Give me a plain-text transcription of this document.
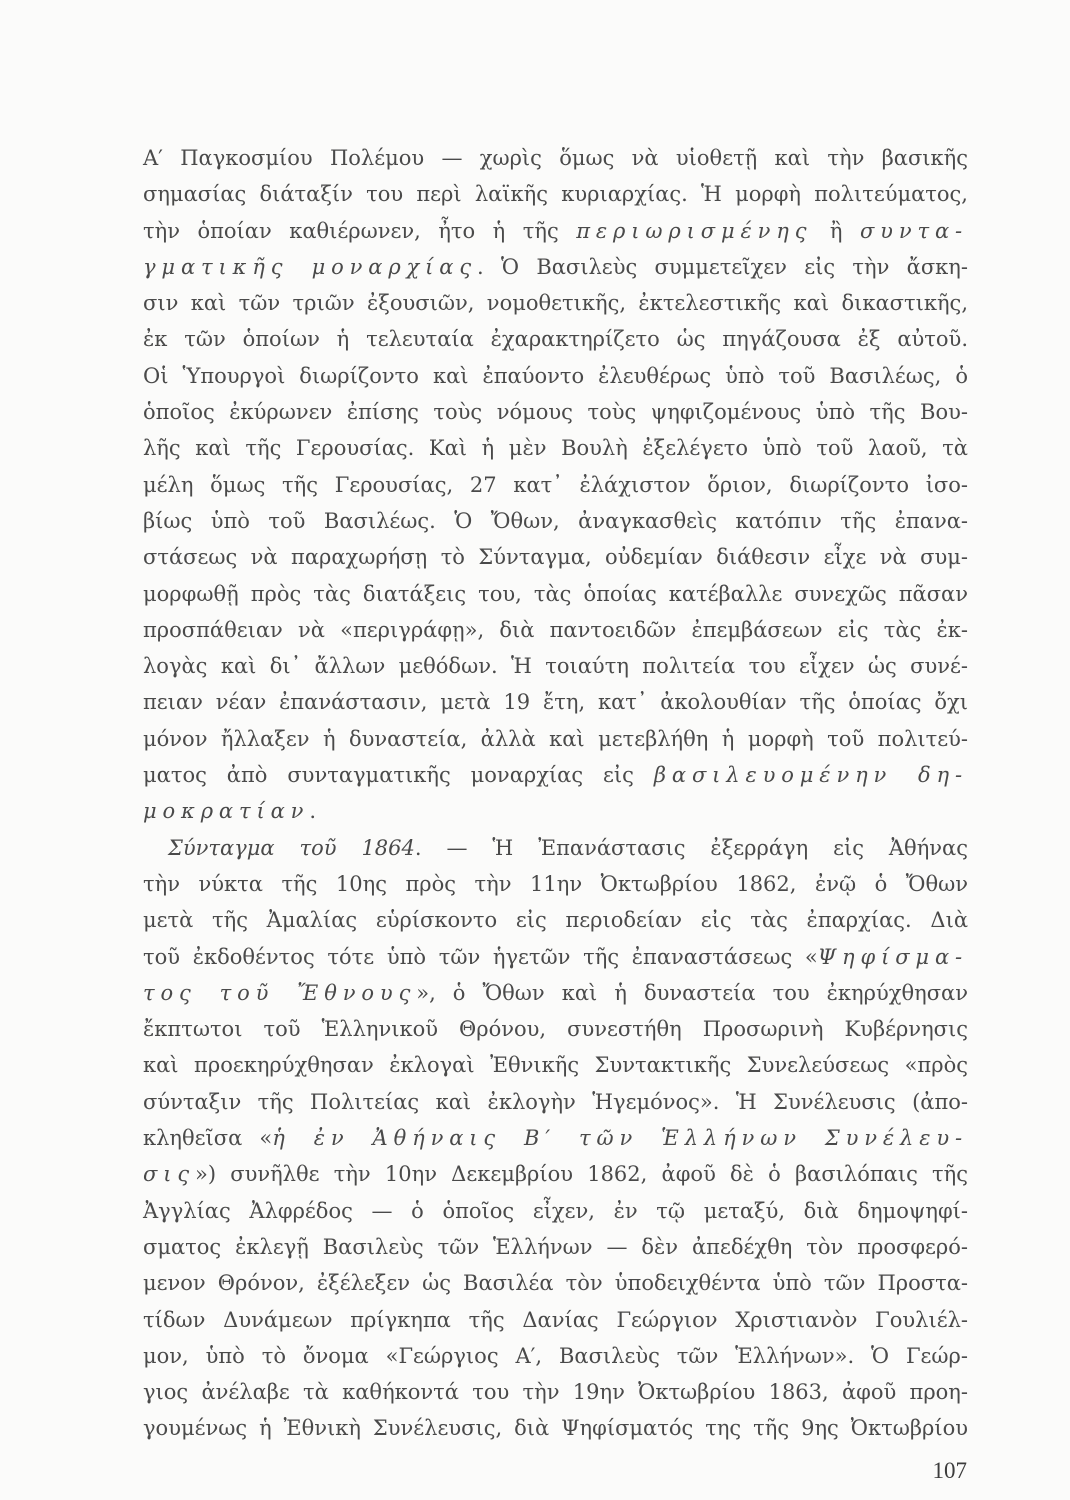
Α′ Παγκοσμίου Πολέμου — χωρὶς ὅμως νὰ υἱοθετῇ καὶ τὴν βασικῆς
σημασίας διάταξίν του περὶ λαϊκῆς κυριαρχίας. Ἡ μορφὴ πολιτεύματος,
τὴν ὁποίαν καθιέρωνεν, ἦτο ἡ τῆς περιωρισμένης ἢ συντα-
γματικῆς μοναρχίας. Ὁ Βασιλεὺς συμμετεῖχεν εἰς τὴν ἄσκη-
σιν καὶ τῶν τριῶν ἐξουσιῶν, νομοθετικῆς, ἐκτελεστικῆς καὶ δικαστικῆς,
ἐκ τῶν ὁποίων ἡ τελευταία ἐχαρακτηρίζετο ὡς πηγάζουσα ἐξ αὐτοῦ.
Οἱ Ὑπουργοὶ διωρίζοντο καὶ ἐπαύοντο ἐλευθέρως ὑπὸ τοῦ Βασιλέως, ὁ
ὁποῖος ἐκύρωνεν ἐπίσης τοὺς νόμους τοὺς ψηφιζομένους ὑπὸ τῆς Βου-
λῆς καὶ τῆς Γερουσίας. Καὶ ἡ μὲν Βουλὴ ἐξελέγετο ὑπὸ τοῦ λαοῦ, τὰ
μέλη ὅμως τῆς Γερουσίας, 27 κατ᾽ ἐλάχιστον ὅριον, διωρίζοντο ἰσο-
βίως ὑπὸ τοῦ Βασιλέως. Ὁ Ὄθων, ἀναγκασθεὶς κατόπιν τῆς ἐπανα-
στάσεως νὰ παραχωρήσῃ τὸ Σύνταγμα, οὐδεμίαν διάθεσιν εἶχε νὰ συμ-
μορφωθῇ πρὸς τὰς διατάξεις του, τὰς ὁποίας κατέβαλλε συνεχῶς πᾶσαν
προσπάθειαν νὰ «περιγράφῃ», διὰ παντοειδῶν ἐπεμβάσεων εἰς τὰς ἐκ-
λογὰς καὶ δι᾽ ἄλλων μεθόδων. Ἡ τοιαύτη πολιτεία του εἶχεν ὡς συνέ-
πειαν νέαν ἐπανάστασιν, μετὰ 19 ἔτη, κατ᾽ ἀκολουθίαν τῆς ὁποίας ὄχι
μόνον ἤλλαξεν ἡ δυναστεία, ἀλλὰ καὶ μετεβλήθη ἡ μορφὴ τοῦ πολιτεύ-
ματος ἀπὸ συνταγματικῆς μοναρχίας εἰς βασιλευομένην δη-
μοκρατίαν.
Σύνταγμα τοῦ 1864. — Ἡ Ἐπανάστασις ἐξερράγη εἰς Ἀθήνας
τὴν νύκτα τῆς 10ης πρὸς τὴν 11ην Ὀκτωβρίου 1862, ἐνῷ ὁ Ὄθων
μετὰ τῆς Ἀμαλίας εὑρίσκοντο εἰς περιοδείαν εἰς τὰς ἐπαρχίας. Διὰ
τοῦ ἐκδοθέντος τότε ὑπὸ τῶν ἡγετῶν τῆς ἐπαναστάσεως «Ψηφίσμα-
τος τοῦ Ἔθνους», ὁ Ὄθων καὶ ἡ δυναστεία του ἐκηρύχθησαν
ἔκπτωτοι τοῦ Ἑλληνικοῦ Θρόνου, συνεστήθη Προσωρινὴ Κυβέρνησις
καὶ προεκηρύχθησαν ἐκλογαὶ Ἐθνικῆς Συντακτικῆς Συνελεύσεως «πρὸς
σύνταξιν τῆς Πολιτείας καὶ ἐκλογὴν Ἡγεμόνος». Ἡ Συνέλευσις (ἀπο-
κληθεῖσα «ἡ ἐν Ἀθήναις Β′ τῶν Ἑλλήνων Συνέλευ-
σις») συνῆλθε τὴν 10ην Δεκεμβρίου 1862, ἀφοῦ δὲ ὁ βασιλόπαις τῆς
Ἀγγλίας Ἀλφρέδος — ὁ ὁποῖος εἶχεν, ἐν τῷ μεταξύ, διὰ δημοψηφί-
σματος ἐκλεγῇ Βασιλεὺς τῶν Ἑλλήνων — δὲν ἀπεδέχθη τὸν προσφερό-
μενον Θρόνον, ἐξέλεξεν ὡς Βασιλέα τὸν ὑποδειχθέντα ὑπὸ τῶν Προστα-
τίδων Δυνάμεων πρίγκηπα τῆς Δανίας Γεώργιον Χριστιανὸν Γουλιέλ-
μον, ὑπὸ τὸ ὄνομα «Γεώργιος Α′, Βασιλεὺς τῶν Ἑλλήνων». Ὁ Γεώρ-
γιος ἀνέλαβε τὰ καθήκοντά του τὴν 19ην Ὀκτωβρίου 1863, ἀφοῦ προη-
γουμένως ἡ Ἐθνικὴ Συνέλευσις, διὰ Ψηφίσματός της τῆς 9ης Ὀκτωβρίου
107
